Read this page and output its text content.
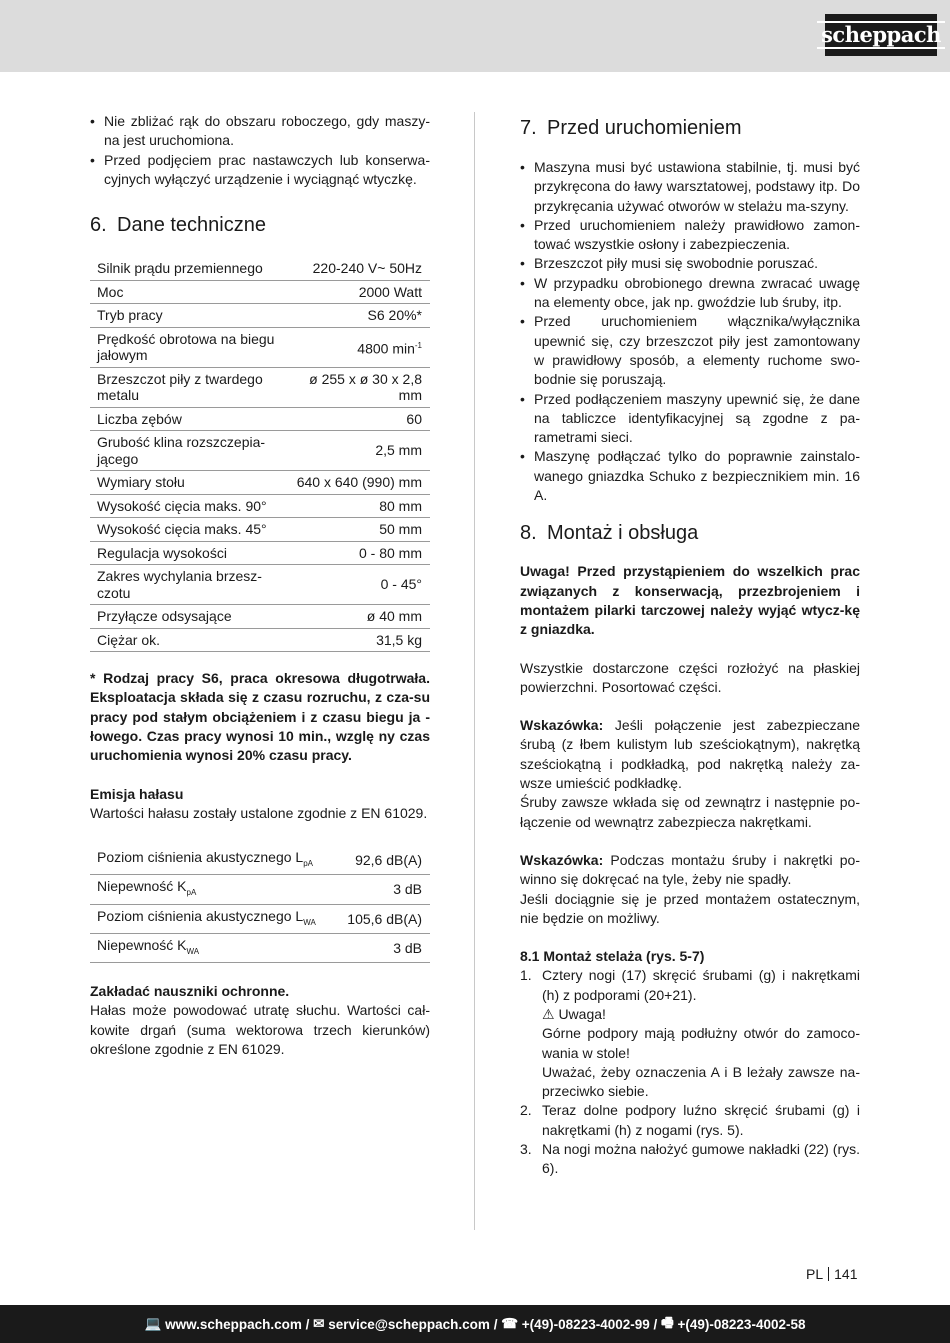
scheppach
• Nie zbliżać rąk do obszaru roboczego, gdy maszy-na jest uruchomiona.
• Przed podjęciem prac nastawczych lub konserwa-cyjnych wyłączyć urządzenie i wyciągnąć wtyczkę.
6. Dane techniczne
Silnik prądu przemiennego	220-240 V~ 50Hz
Moc	2000 Watt
Tryb pracy	S6 20%*
Prędkość obrotowa na biegu jałowym	4800 $\min^{-1}$
Brzeszczot piły z twardego metalu	ø 255 x ø 30 x 2,8 mm
Liczba zębów	60
Grubość klina rozszczepia-jącego	2,5 mm
Wymiary stołu	640 x 640 (990) mm
Wysokość cięcia maks. 90°	80 mm
Wysokość cięcia maks. 45°	50 mm
Regulacja wysokości	0 - 80 mm
Zakres wychylania brzesz-czotu	0 - 45°
Przyłącze odsysające	ø 40 mm
Ciężar ok.	31,5 kg

* Rodzaj pracy S6, praca okresowa długotrwała. Eksploatacja składa się z czasu rozruchu, z cza-su pracy pod stałym obciążeniem i z czasu biegu ja - łowego. Czas pracy wynosi 10 min., wzglę ny czas uruchomienia wynosi 20% czasu pracy.

Emisja hałasu

Wartości hałasu zostały ustalone zgodnie z EN 61029.

Poziom ciśnienia akustycznego $L_{pA}$	92,6 dB(A)
Niepewność $K_{pA}$	3 dB
Poziom ciśnienia akustycznego $L_{WA}$	105,6 dB(A)
Niepewność $K_{WA}$	3 dB

Zakładać nauszniki ochronne.

Hałas może powodować utratę słuchu. Wartości cał-kowite drgań (suma wektorowa trzech kierunków) określone zgodnie z EN 61029.

7. Przed uruchomieniem
• Maszyna musi być ustawiona stabilnie, tj. musi być przykręcona do ławy warsztatowej, podstawy itp. Do przykręcania używać otworów w stelażu ma-szyny.
• Przed uruchomieniem należy prawidłowo zamon-tować wszystkie osłony i zabezpieczenia.
• Brzeszczot piły musi się swobodnie poruszać.
• W przypadku obrobionego drewna zwracać uwagę na elementy obce, jak np. gwoździe lub śruby, itp.
• Przed uruchomieniem włącznika/wyłącznika upewnić się, czy brzeszczot piły jest zamontowany w prawidłowy sposób, a elementy ruchome swo-bodnie się poruszają.
• Przed podłączeniem maszyny upewnić się, że dane na tabliczce identyfikacyjnej są zgodne z pa-rametrami sieci.
• Maszynę podłączać tylko do poprawnie zainstalo-wanego gniazdka Schuko z bezpiecznikiem min. 16 A.
8. Montaż i obsługa

Uwaga! Przed przystąpieniem do wszelkich prac związanych z konserwacją, przezbrojeniem i montażem pilarki tarczowej należy wyjąć wtycz-kę z gniazdka.

Wszystkie dostarczone części rozłożyć na płaskiej powierzchni. Posortować części.

Wskazówka: Jeśli połączenie jest zabezpieczane śrubą (z łbem kulistym lub sześciokątnym), nakrętką sześciokątną i podkładką, pod nakrętką należy za-wsze umieścić podkładkę.

Śruby zawsze wkłada się od zewnątrz i następnie po-łączenie od wewnątrz zabezpiecza nakrętkami.

Wskazówka: Podczas montażu śruby i nakrętki po-winno się dokręcać na tyle, żeby nie spadły.

Jeśli dociągnie się je przed montażem ostatecznym, nie będzie on możliwy.

8.1 Montaż stelaża (rys. 5-7)

1. Cztery nogi (17) skręcić śrubami (g) i nakrętkami (h) z podporami (20+21).
⚠ Uwaga!
Górne podpory mają podłużny otwór do zamoco-wania w stole!
Uważać, żeby oznaczenia A i B leżały zawsze na-przeciwko siebie.
2. Teraz dolne podpory luźno skręcić śrubami (g) i nakrętkami (h) z nogami (rys. 5).
3. Na nogi można nałożyć gumowe nakładki (22) (rys. 6).
PL 141
💻 www.scheppach.com / ✉ service@scheppach.com / ☎ +(49)-08223-4002-99 / 🖷 +(49)-08223-4002-58
